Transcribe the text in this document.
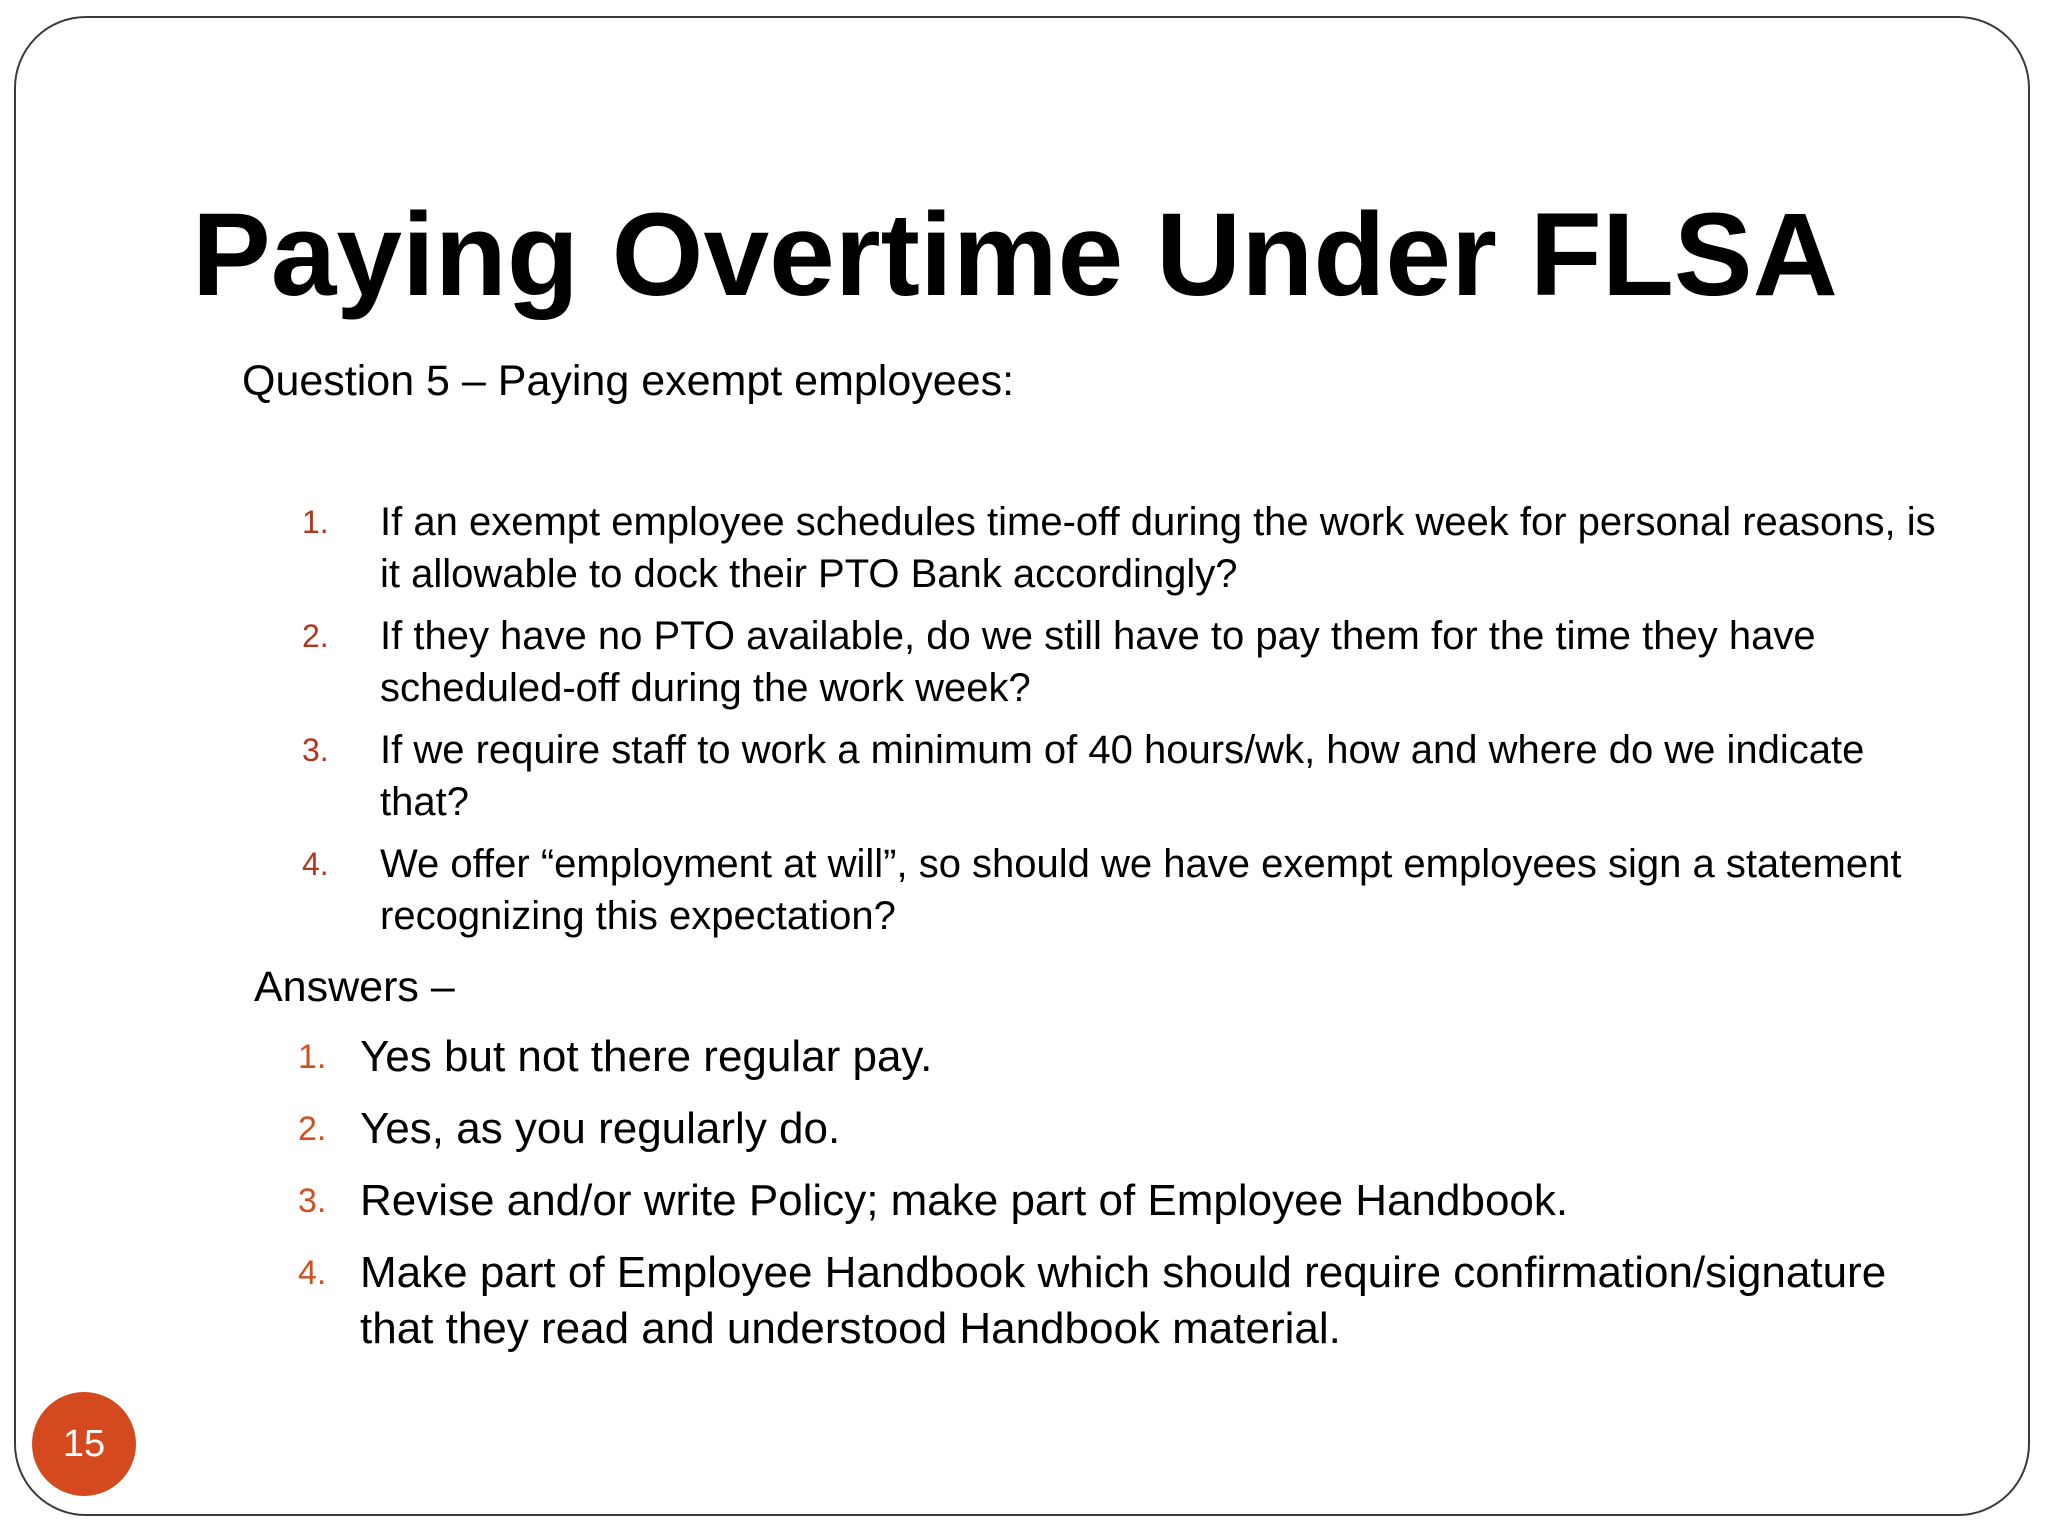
Paying Overtime Under FLSA
Question 5 – Paying exempt employees:
1.	If an exempt employee schedules time-off during the work week for personal reasons, is it allowable to dock their PTO Bank accordingly?
2.	If they have no PTO available, do we still have to pay them for the time they have scheduled-off during the work week?
3.	If we require staff to work a minimum of 40 hours/wk, how and where do we indicate that?
4.	We offer “employment at will”, so should we have exempt employees sign a statement recognizing this expectation?
Answers –
1. Yes but not there regular pay.
2. Yes, as you regularly do.
3. Revise and/or write Policy; make part of Employee Handbook.
4. Make part of Employee Handbook which should require confirmation/signature that they read and understood Handbook material.
15
